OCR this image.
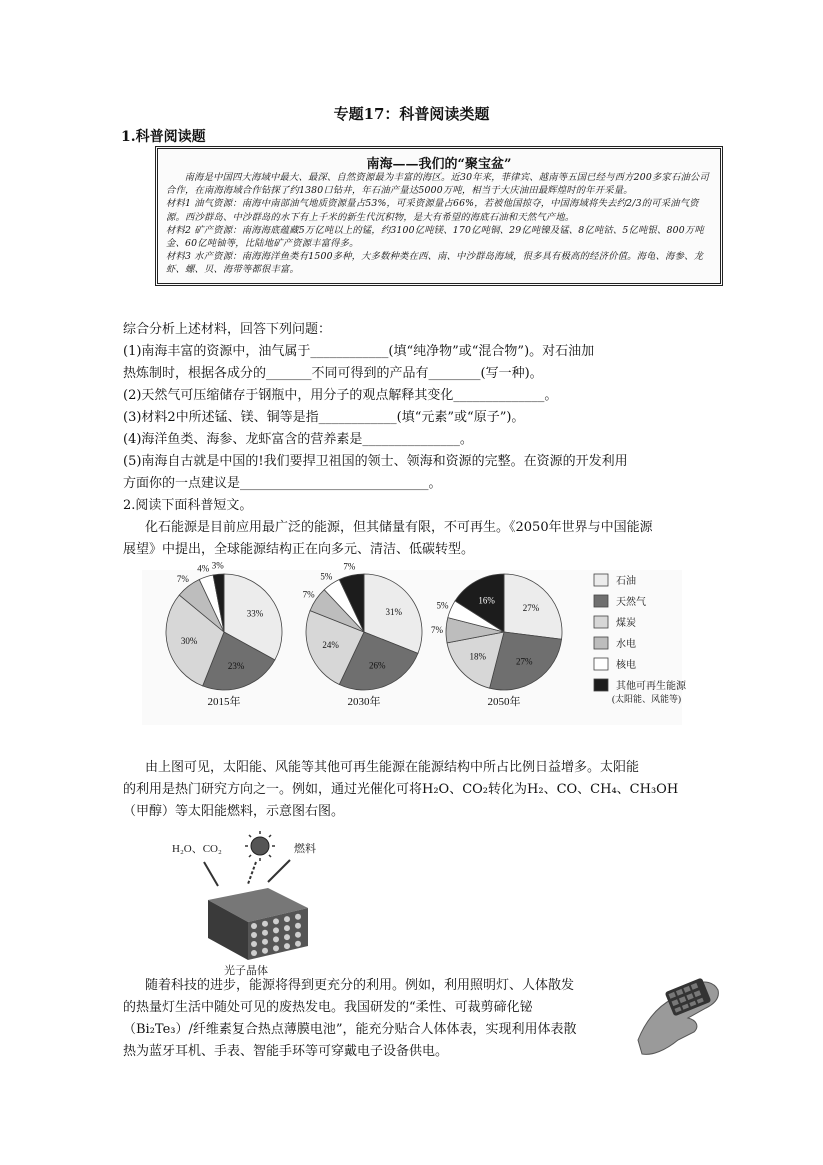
专题17：科普阅读类题
1.科普阅读题
南海——我们的“聚宝盆”
南海是中国四大海域中最大、最深、自然资源最为丰富的海区。近30年来，菲律宾、越南等五国已经与西方200多家石油公司合作，在南海海域合作钻探了约1380口钻井，年石油产量达5000万吨，相当于大庆油田最辉煌时的年开采量。
材料1 油气资源：南海中南部油气地质资源量占53%，可采资源量占66%，若被他国掠夺，中国海域将失去约2/3的可采油气资源。西沙群岛、中沙群岛的水下有上千米的新生代沉积物，是大有希望的海底石油和天然气产地。
材料2 矿产资源：南海海底蕴藏5万亿吨以上的锰，约3100亿吨镁、170亿吨铜、29亿吨镍及锰、8亿吨钴、5亿吨银、800万吨金、60亿吨铀等，比陆地矿产资源丰富得多。
材料3 水产资源：南海海洋鱼类有1500多种，大多数种类在西、南、中沙群岛海域，很多具有极高的经济价值。海龟、海参、龙虾、螺、贝、海带等都很丰富。
综合分析上述材料，回答下列问题：
(1)南海丰富的资源中，油气属于____________(填“纯净物”或“混合物”)。对石油加
热炼制时，根据各成分的_______不同可得到的产品有________(写一种)。
(2)天然气可压缩储存于钢瓶中，用分子的观点解释其变化______________。
(3)材料2中所述锰、镁、铜等是指____________(填“元素”或“原子”)。
(4)海洋鱼类、海参、龙虾富含的营养素是_______________。
(5)南海自古就是中国的!我们要捍卫祖国的领士、领海和资源的完整。在资源的开发利用
方面你的一点建议是_____________________________。
2.阅读下面科普短文。
化石能源是目前应用最广泛的能源，但其储量有限，不可再生。《2050年世界与中国能源
展望》中提出，全球能源结构正在向多元、清洁、低碳转型。
33%
23%
30%
7%
4% 3%
2015年
31%
26%
24%
7%
5%
7%
2030年
27%
27%
18%
7%
5%	16%
2050年
石油
天然气
煤炭
水电
核电
其他可再生能源
(太阳能、风能等)
由上图可见，太阳能、风能等其他可再生能源在能源结构中所占比例日益增多。太阳能
的利用是热门研究方向之一。例如，通过光催化可将H₂O、CO₂转化为H₂、CO、CH₄、CH₃OH
（甲醇）等太阳能燃料，示意图右图。
H₂O、CO₂	燃料
光子晶体
随着科技的进步，能源将得到更充分的利用。例如，利用照明灯、人体散发
的热量灯生活中随处可见的废热发电。我国研发的“柔性、可裁剪碲化铋
（Bi₂Te₃）/纤维素复合热点薄膜电池”，能充分贴合人体体表，实现利用体表散
热为蓝牙耳机、手表、智能手环等可穿戴电子设备供电。
